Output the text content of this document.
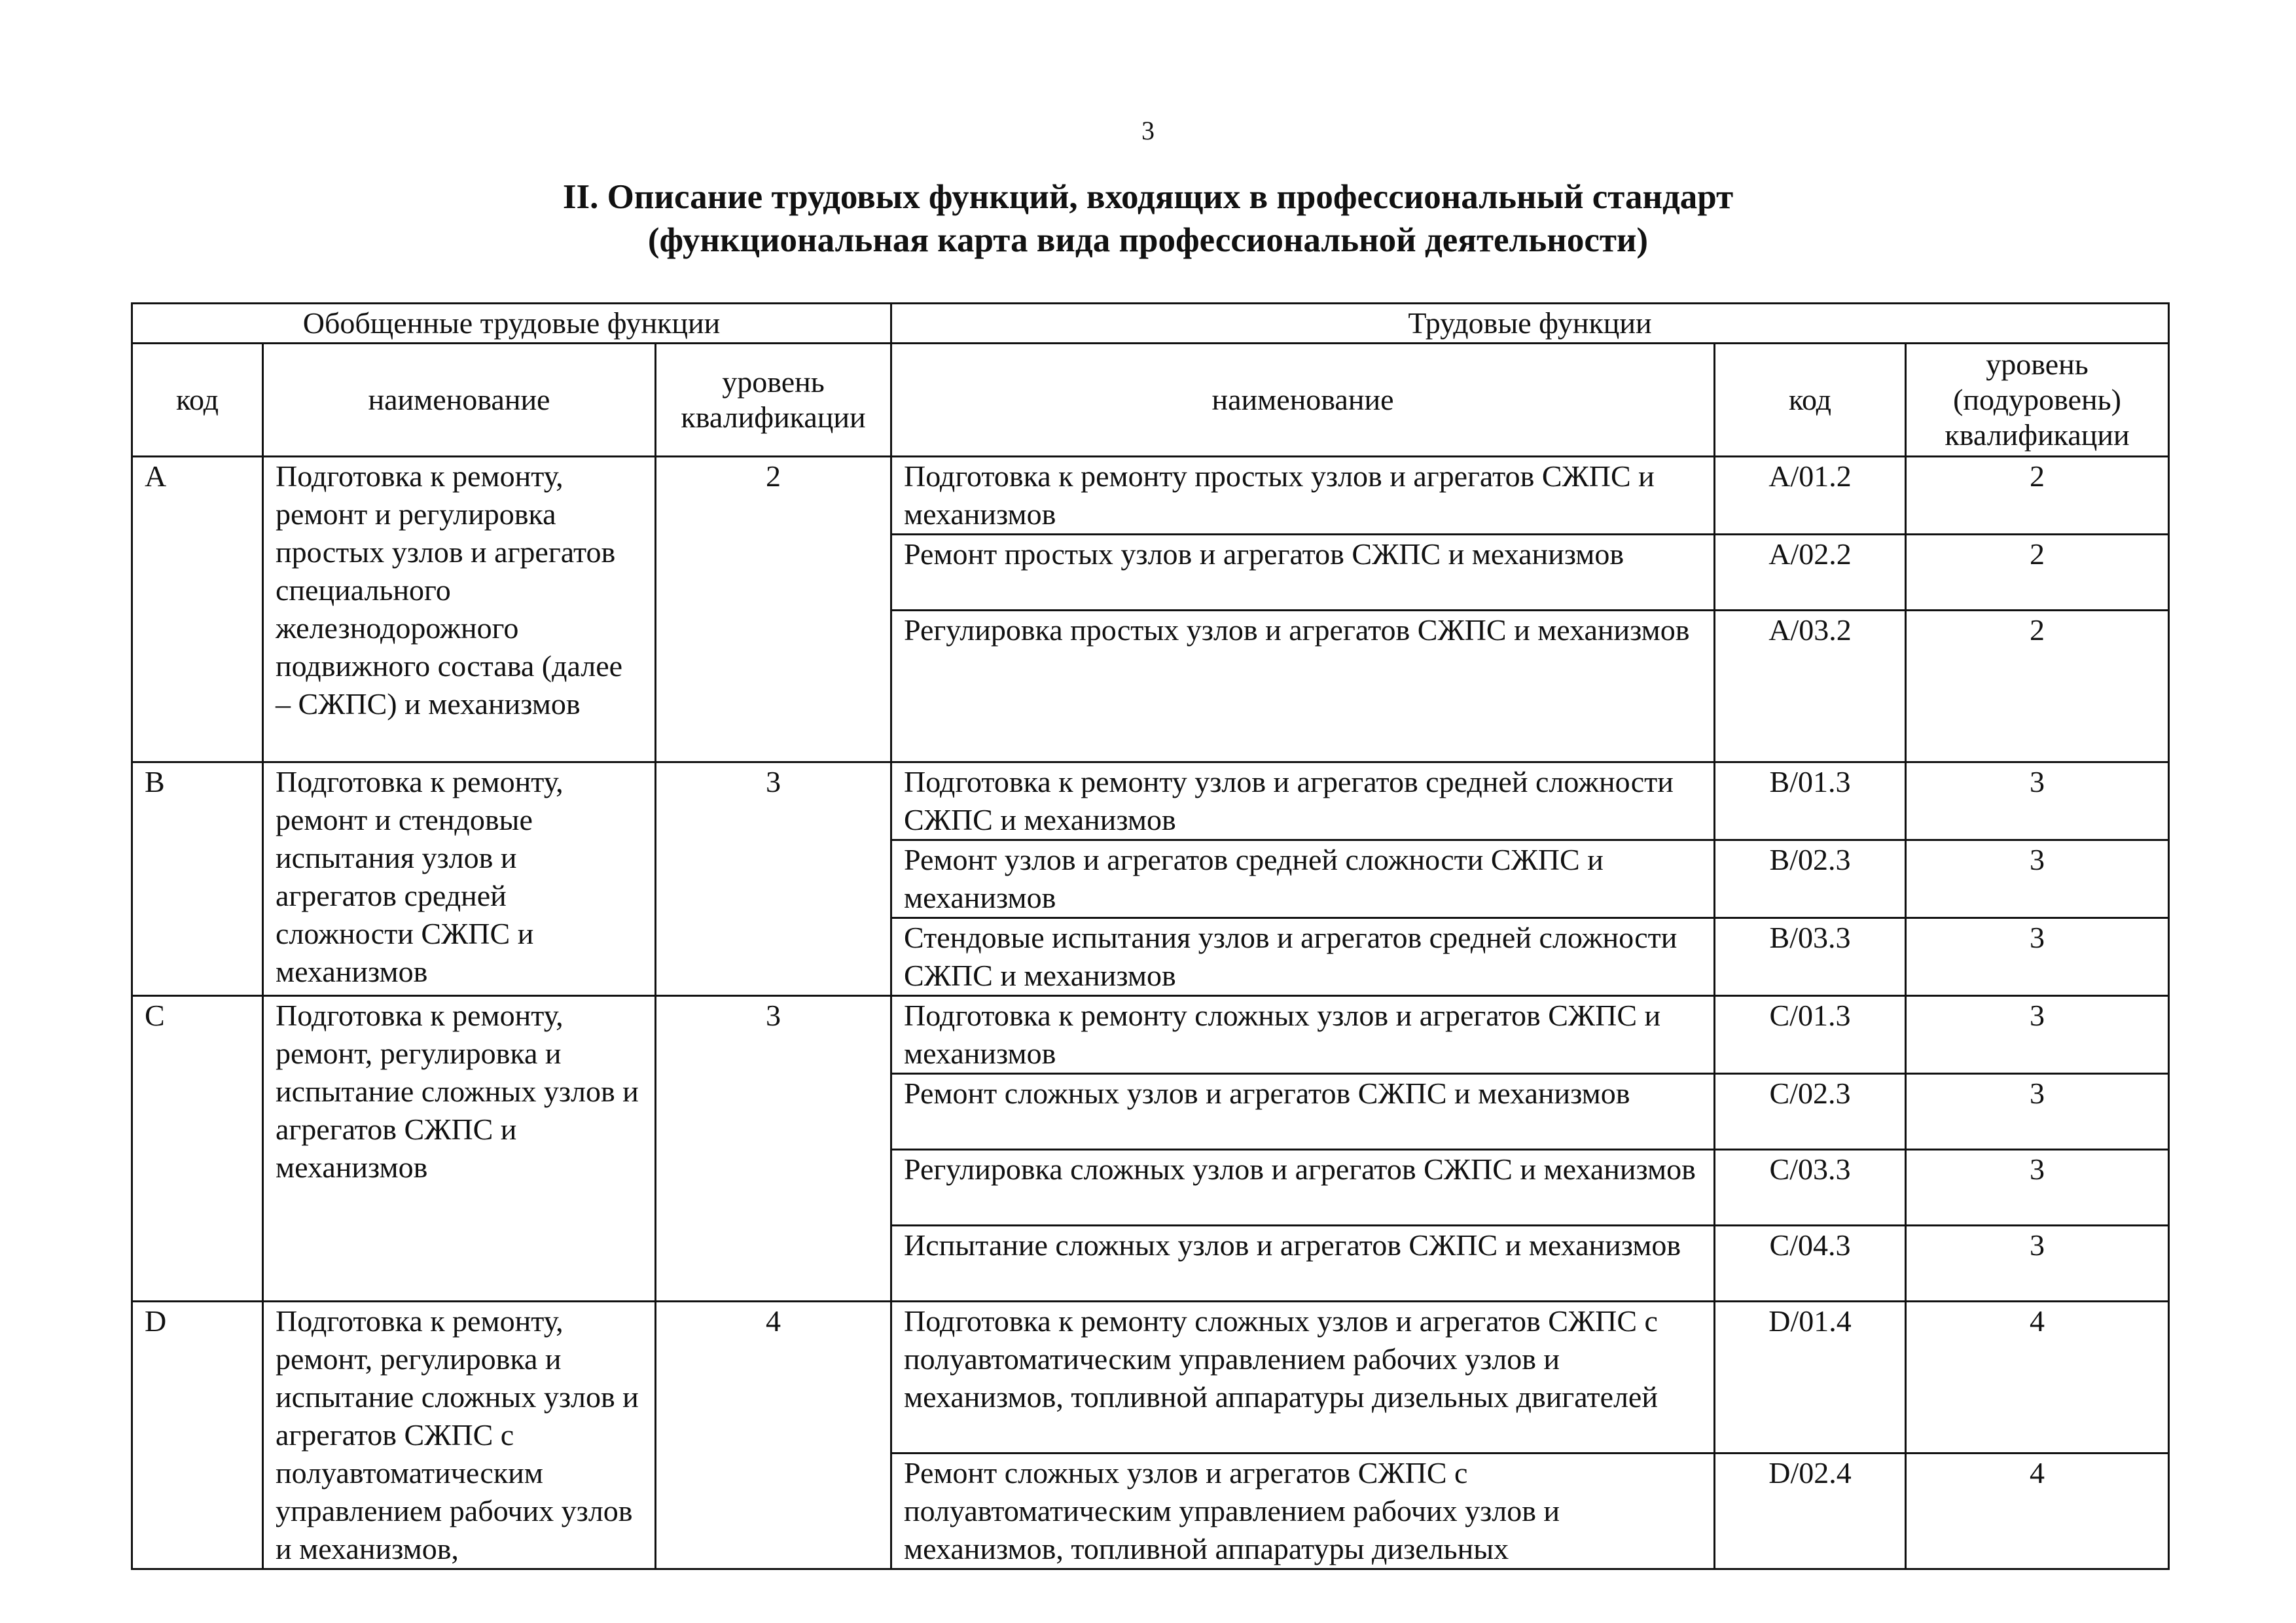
3
II. Описание трудовых функций, входящих в профессиональный стандарт
(функциональная карта вида профессиональной деятельности)
Обобщенные трудовые функции			Трудовые функции		
код	наименование	уровень квалификации	наименование	код	уровень (подуровень) квалификации
A	Подготовка к ремонту, ремонт и регулировка простых узлов и агрегатов специального железнодорожного подвижного состава (далее – СЖПС) и механизмов	2	Подготовка к ремонту простых узлов и агрегатов СЖПС и механизмов	A/01.2	2
			Ремонт простых узлов и агрегатов СЖПС и механизмов	A/02.2	2
			Регулировка простых узлов и агрегатов СЖПС и механизмов	A/03.2	2
B	Подготовка к ремонту, ремонт и стендовые испытания узлов и агрегатов средней сложности СЖПС и механизмов	3	Подготовка к ремонту узлов и агрегатов средней сложности СЖПС и механизмов	B/01.3	3
			Ремонт узлов и агрегатов средней сложности СЖПС и механизмов	B/02.3	3
			Стендовые испытания узлов и агрегатов средней сложности СЖПС и механизмов	B/03.3	3
C	Подготовка к ремонту, ремонт, регулировка и испытание сложных узлов и агрегатов СЖПС и механизмов	3	Подготовка к ремонту сложных узлов и агрегатов СЖПС и механизмов	C/01.3	3
			Ремонт сложных узлов и агрегатов СЖПС и механизмов	C/02.3	3
			Регулировка сложных узлов и агрегатов СЖПС и механизмов	C/03.3	3
			Испытание сложных узлов и агрегатов СЖПС и механизмов	C/04.3	3
D	Подготовка к ремонту, ремонт, регулировка и испытание сложных узлов и агрегатов СЖПС с полуавтоматическим управлением рабочих узлов и механизмов,	4	Подготовка к ремонту сложных узлов и агрегатов СЖПС с полуавтоматическим управлением рабочих узлов и механизмов, топливной аппаратуры дизельных двигателей	D/01.4	4
			Ремонт сложных узлов и агрегатов СЖПС с полуавтоматическим управлением рабочих узлов и механизмов, топливной аппаратуры дизельных	D/02.4	4
